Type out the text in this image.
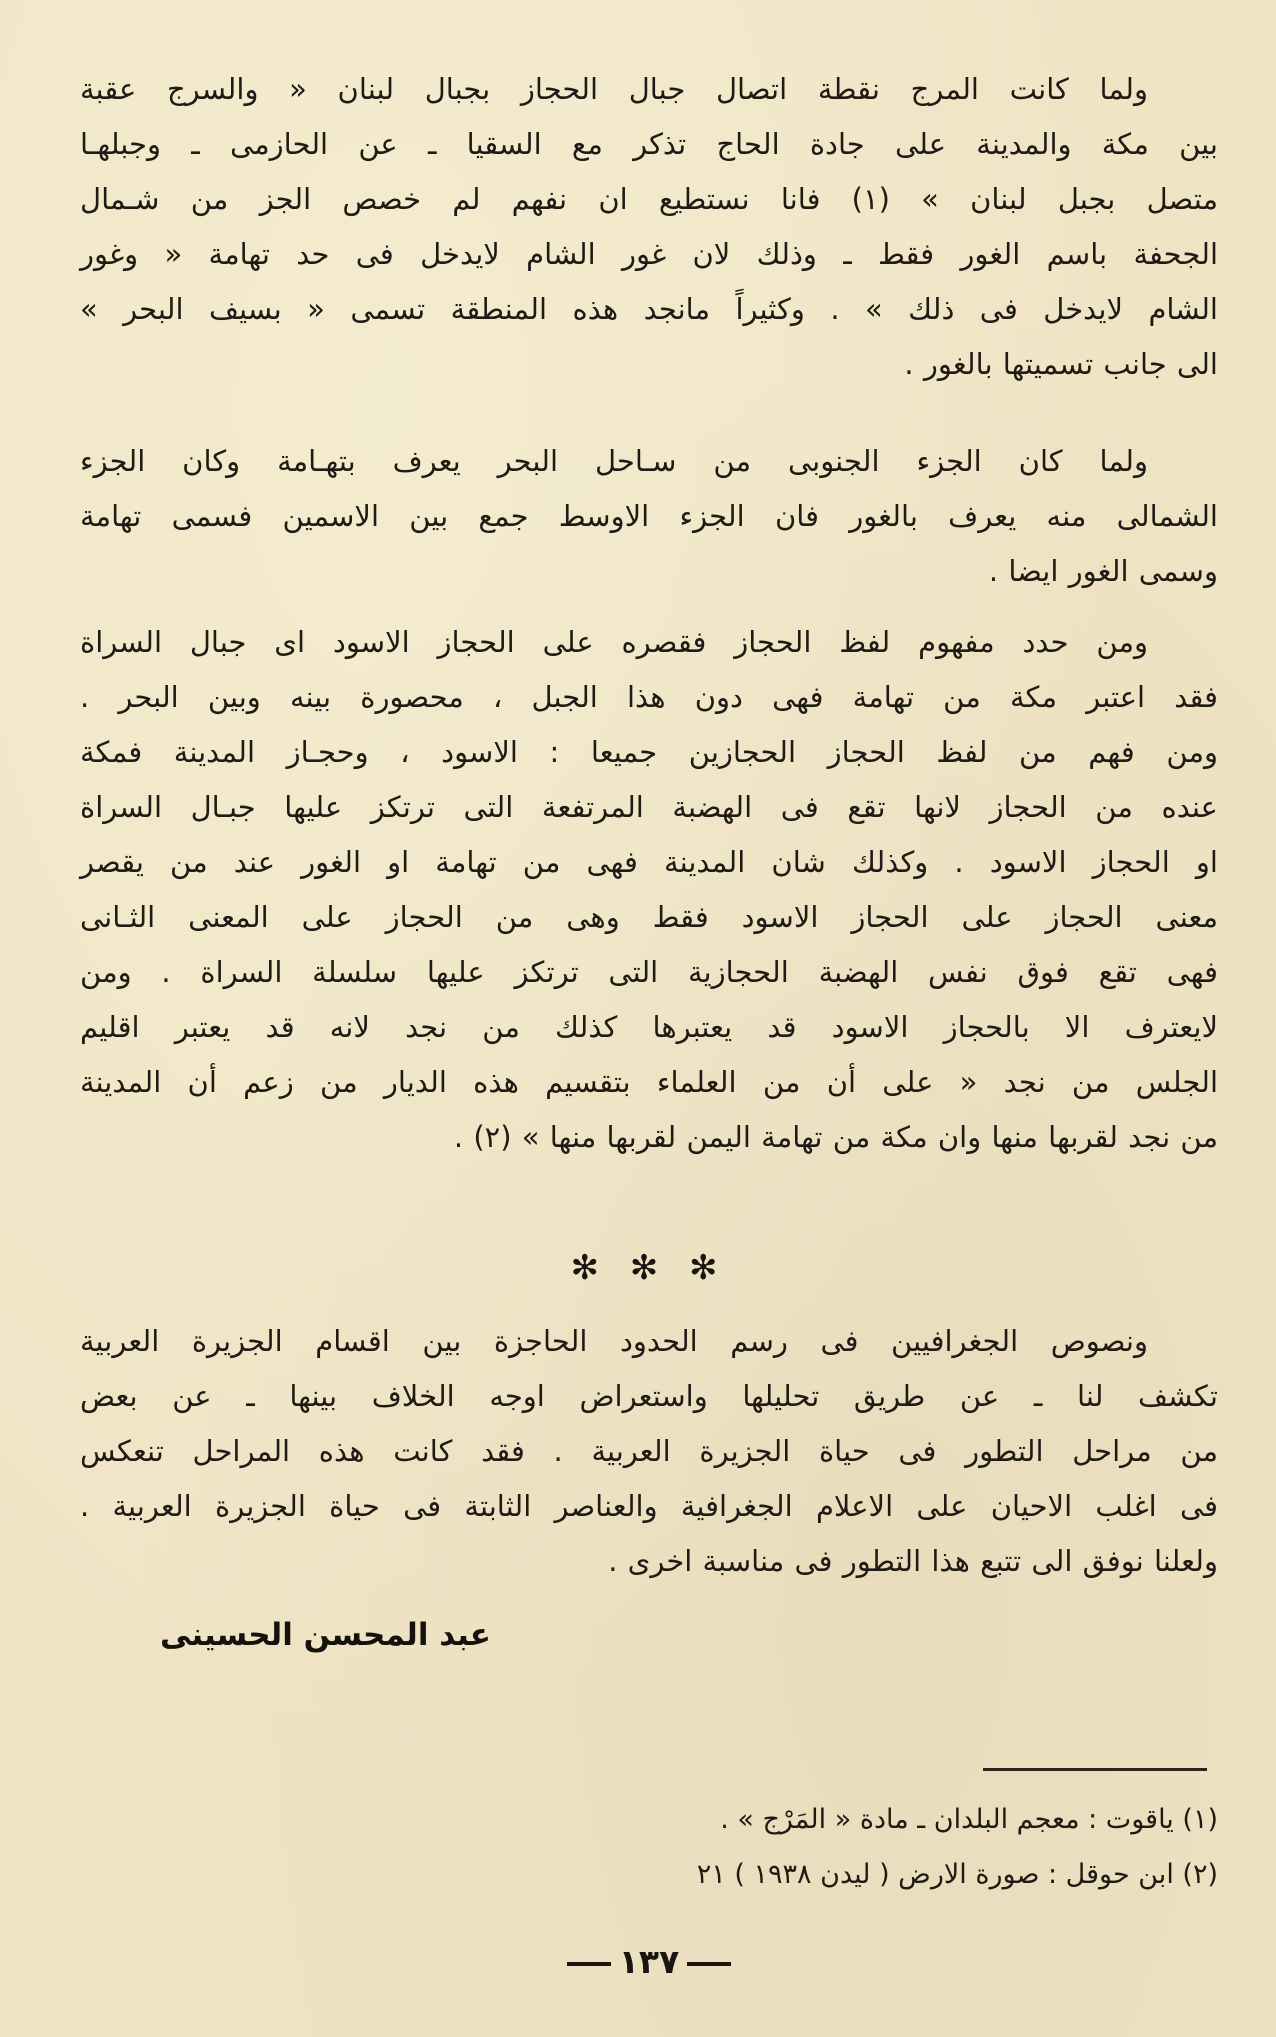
ولما كانت المرج نقطة اتصال جبال الحجاز بجبال لبنان « والسرج عقبة
بين مكة والمدينة على جادة الحاج تذكر مع السقيا ـ عن الحازمى ـ وجبلهـا
متصل بجبل لبنان » (١) فانا نستطيع ان نفهم لم خصص الجز من شـمال
الجحفة باسم الغور فقط ـ وذلك لان غور الشام لايدخل فى حد تهامة « وغور
الشام لايدخل فى ذلك » . وكثيراً مانجد هذه المنطقة تسمى « بسيف البحر »
الى جانب تسميتها بالغور .
ولما كان الجزء الجنوبى من سـاحل البحر يعرف بتهـامة وكان الجزء
الشمالى منه يعرف بالغور فان الجزء الاوسط جمع بين الاسمين فسمى تهامة
وسمى الغور ايضا .
ومن حدد مفهوم لفظ الحجاز فقصره على الحجاز الاسود اى جبال السراة
فقد اعتبر مكة من تهامة فهى دون هذا الجبل ، محصورة بينه وبين البحر .
ومن فهم من لفظ الحجاز الحجازين جميعا : الاسود ، وحجـاز المدينة فمكة
عنده من الحجاز لانها تقع فى الهضبة المرتفعة التى ترتكز عليها جبـال السراة
او الحجاز الاسود . وكذلك شان المدينة فهى من تهامة او الغور عند من يقصر
معنى الحجاز على الحجاز الاسود فقط وهى من الحجاز على المعنى الثـانى
فهى تقع فوق نفس الهضبة الحجازية التى ترتكز عليها سلسلة السراة . ومن
لايعترف الا بالحجاز الاسود قد يعتبرها كذلك من نجد لانه قد يعتبر اقليم
الجلس من نجد « على أن من العلماء بتقسيم هذه الديار من زعم أن المدينة
من نجد لقربها منها وان مكة من تهامة اليمن لقربها منها » (٢) .
✻ ✻ ✻
ونصوص الجغرافيين فى رسم الحدود الحاجزة بين اقسام الجزيرة العربية
تكشف لنا ـ عن طريق تحليلها واستعراض اوجه الخلاف بينها ـ عن بعض
من مراحل التطور فى حياة الجزيرة العربية . فقد كانت هذه المراحل تنعكس
فى اغلب الاحيان على الاعلام الجغرافية والعناصر الثابتة فى حياة الجزيرة العربية .
ولعلنا نوفق الى تتبع هذا التطور فى مناسبة اخرى .
عبد المحسن الحسينى
(١) ياقوت : معجم البلدان ـ مادة « المَرْج » .
(٢) ابن حوقل : صورة الارض ( ليدن ١٩٣٨ ) ٢١
١٣٧
